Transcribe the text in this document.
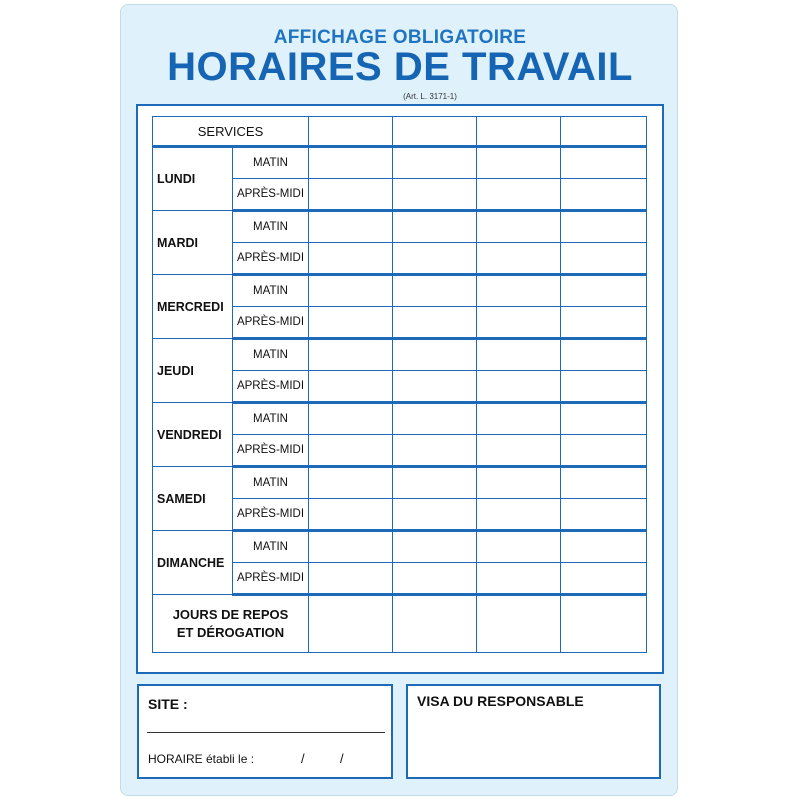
AFFICHAGE OBLIGATOIRE
HORAIRES DE TRAVAIL
(Art. L. 3171-1)
SERVICES					
LUNDI	MATIN				
	APRÈS-MIDI				
MARDI	MATIN				
	APRÈS-MIDI				
MERCREDI	MATIN				
	APRÈS-MIDI				
JEUDI	MATIN				
	APRÈS-MIDI				
VENDREDI	MATIN				
	APRÈS-MIDI				
SAMEDI	MATIN				
	APRÈS-MIDI				
DIMANCHE	MATIN				
	APRÈS-MIDI				

JOURS DE REPOS
ET DÉROGATION					

SITE :
HORAIRE établi le :	/	/
VISA DU RESPONSABLE
